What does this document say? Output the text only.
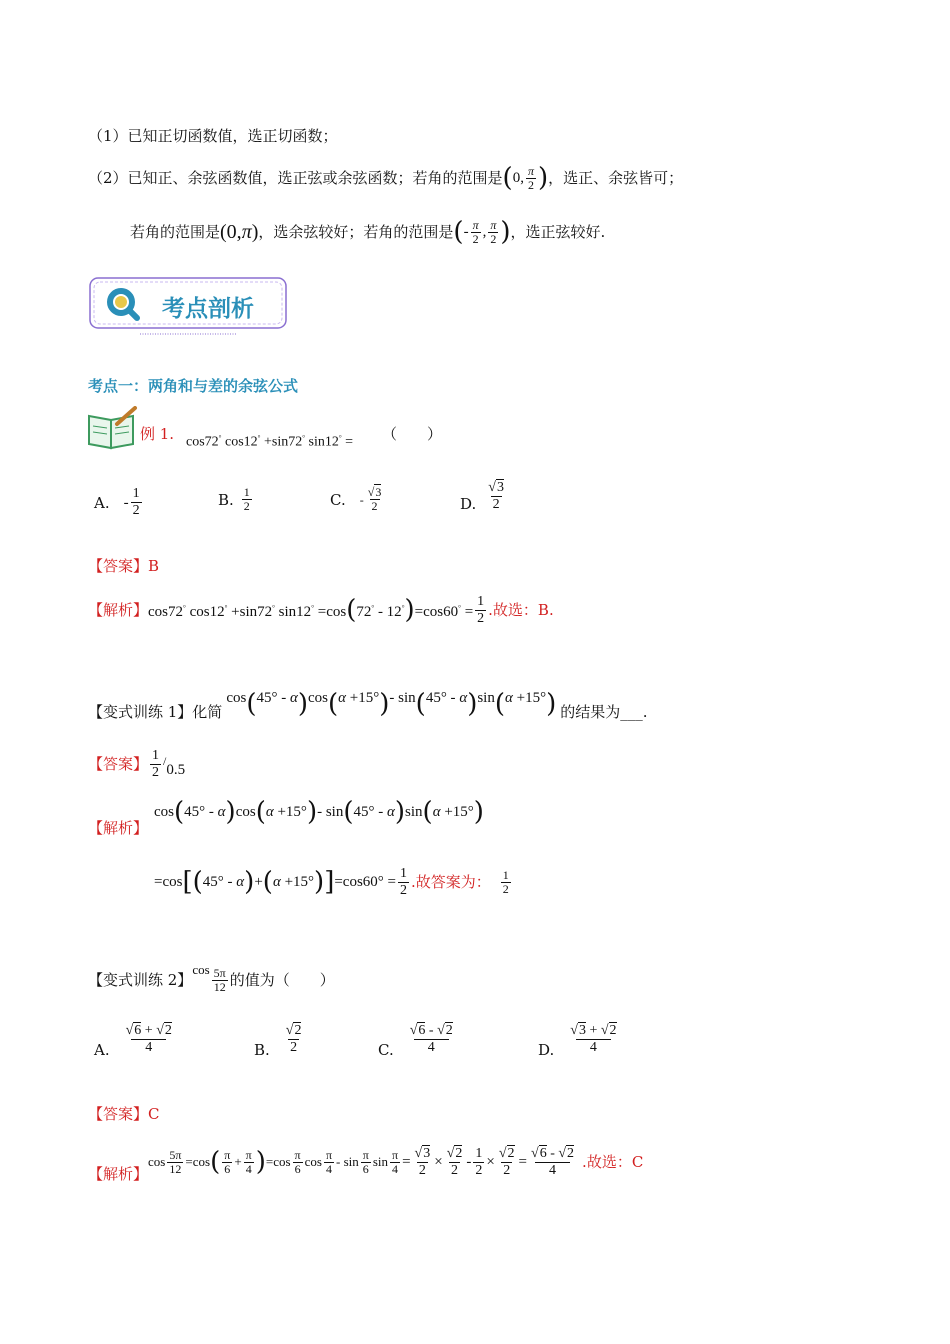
（1）已知正切函数值，选正切函数；
（2）已知正、余弦函数值，选正弦或余弦函数；若角的范围是 ( 0, $\frac{\pi}{2}$ ) ，选正、余弦皆可；
若角的范围是 (0,π) ，选余弦较好；若角的范围是 ( - $\frac{\pi}{2}$ , $\frac{\pi}{2}$ ) ，选正弦较好.
考点剖析
考点一：两角和与差的余弦公式
例 1. cos72° cos12° +sin72° sin12° = （　　）
A. - $\frac{1}{2}$	B. $\frac{1}{2}$	C. - $\frac{√3}{2}$	D. $\frac{√3}{2}$
【答案】B
【解析】 cos72° cos12° +sin72° sin12° =cos ( 72° - 12° ) $=\cos 60^\circ = \frac{1}{2}$ .故选：B.
【变式训练 1】化简
cos ( 45° - α ) cos ( α +15° ) - sin ( 45° - α ) sin ( α +15° ) 的结果为 ___.
【答案】 $\frac{1}{2}$ /
0.5
【解析】
cos ( 45° - α ) cos ( α +15° ) - sin ( 45° - α ) sin ( α +15° )
=cos [ ( 45° - α ) + ( α +15° ) ] $=\cos 60^\circ = \frac{1}{2}$ .故答案为： $\frac{1}{2}$
【变式训练 2】
$\cos \frac{5\pi}{12}$ 的值为（　　）
A. $\frac{√6 + √2}{4}$	B. $\frac{√2}{2}$	C. $\frac{√6 - √2}{4}$	D. $\frac{√3 + √2}{4}$
【答案】C
【解析】
$\cos \frac{5\pi}{12} =\cos$ ( $\frac{\pi}{6} + \frac{\pi}{4}$ ) $=\cos \frac{\pi}{6}$ $\cos \frac{\pi}{4}$ - $\sin \frac{\pi}{6}$ $\sin \frac{\pi}{4} = \frac{√3}{2} \times \frac{√2}{2} - \frac{1}{2} \times \frac{√2}{2} = \frac{√6 - √2}{4}$ .故选：C
